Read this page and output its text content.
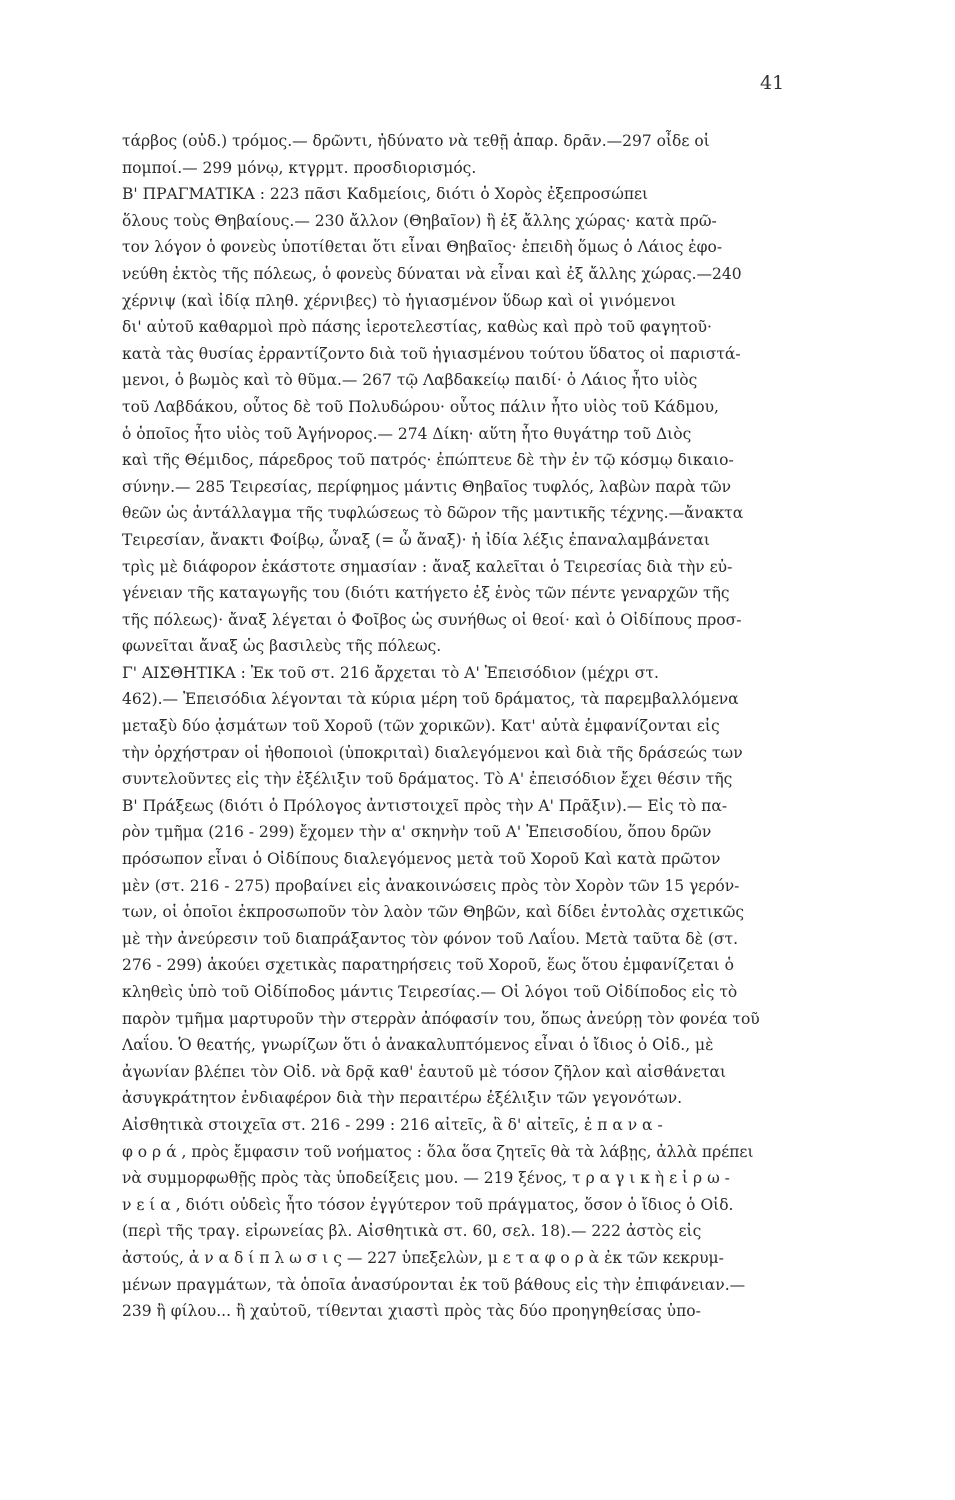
41
τάρβος (οὐδ.) τρόμος.— δρῶντι, ἠδύνατο νὰ τεθῇ ἀπαρ. δρᾶν.—297 οἶδε οἱ
πομποί.— 299 μόνῳ, κτγρμτ. προσδιορισμός.
Β' ΠΡΑΓΜΑΤΙΚΑ : 223 πᾶσι Καδμείοις, διότι ὁ Χορὸς ἐξεπροσώπει
ὅλους τοὺς Θηβαίους.— 230 ἄλλον (Θηβαῖον) ἢ ἐξ ἄλλης χώρας· κατὰ πρῶ-
τον λόγον ὁ φονεὺς ὑποτίθεται ὅτι εἶναι Θηβαῖος· ἐπειδὴ ὅμως ὁ Λάιος ἐφο-
νεύθη ἐκτὸς τῆς πόλεως, ὁ φονεὺς δύναται νὰ εἶναι καὶ ἐξ ἄλλης χώρας.—240
χέρνιψ (καὶ ἰδίᾳ πληθ. χέρνιβες) τὸ ἡγιασμένον ὕδωρ καὶ οἱ γινόμενοι
δι' αὐτοῦ καθαρμοὶ πρὸ πάσης ἱεροτελεστίας, καθὼς καὶ πρὸ τοῦ φαγητοῦ·
κατὰ τὰς θυσίας ἐρραντίζοντο διὰ τοῦ ἡγιασμένου τούτου ὕδατος οἱ παριστά-
μενοι, ὁ βωμὸς καὶ τὸ θῦμα.— 267 τῷ Λαβδακείῳ παιδί· ὁ Λάιος ἦτο υἱὸς
τοῦ Λαβδάκου, οὗτος δὲ τοῦ Πολυδώρου· οὗτος πάλιν ἦτο υἱὸς τοῦ Κάδμου,
ὁ ὁποῖος ἦτο υἱὸς τοῦ Ἀγήνορος.— 274 Δίκη· αὕτη ἦτο θυγάτηρ τοῦ Διὸς
καὶ τῆς Θέμιδος, πάρεδρος τοῦ πατρός· ἐπώπτευε δὲ τὴν ἐν τῷ κόσμῳ δικαιο-
σύνην.— 285 Τειρεσίας, περίφημος μάντις Θηβαῖος τυφλός, λαβὼν παρὰ τῶν
θεῶν ὡς ἀντάλλαγμα τῆς τυφλώσεως τὸ δῶρον τῆς μαντικῆς τέχνης.—ἄνακτα
Τειρεσίαν, ἄνακτι Φοίβῳ, ὦναξ (= ὦ ἄναξ)· ἡ ἰδία λέξις ἐπαναλαμβάνεται
τρὶς μὲ διάφορον ἑκάστοτε σημασίαν : ἄναξ καλεῖται ὁ Τειρεσίας διὰ τὴν εὐ-
γένειαν τῆς καταγωγῆς του (διότι κατήγετο ἐξ ἑνὸς τῶν πέντε γεναρχῶν τῆς
τῆς πόλεως)· ἄναξ λέγεται ὁ Φοῖβος ὡς συνήθως οἱ θεοί· καὶ ὁ Οἰδίπους προσ-
φωνεῖται ἄναξ ὡς βασιλεὺς τῆς πόλεως.
Γ' ΑΙΣΘΗΤΙΚΑ : Ἐκ τοῦ στ. 216 ἄρχεται τὸ Α' Ἐπεισόδιον (μέχρι στ.
462).— Ἐπεισόδια λέγονται τὰ κύρια μέρη τοῦ δράματος, τὰ παρεμβαλλόμενα
μεταξὺ δύο ᾀσμάτων τοῦ Χοροῦ (τῶν χορικῶν). Κατ' αὐτὰ ἐμφανίζονται εἰς
τὴν ὀρχήστραν οἱ ἠθοποιοὶ (ὑποκριταὶ) διαλεγόμενοι καὶ διὰ τῆς δράσεώς των
συντελοῦντες εἰς τὴν ἐξέλιξιν τοῦ δράματος. Τὸ Α' ἐπεισόδιον ἔχει θέσιν τῆς
Β' Πράξεως (διότι ὁ Πρόλογος ἀντιστοιχεῖ πρὸς τὴν Α' Πρᾶξιν).— Εἰς τὸ πα-
ρὸν τμῆμα (216 - 299) ἔχομεν τὴν α' σκηνὴν τοῦ Α' Ἐπεισοδίου, ὅπου δρῶν
πρόσωπον εἶναι ὁ Οἰδίπους διαλεγόμενος μετὰ τοῦ Χοροῦ Καὶ κατὰ πρῶτον
μὲν (στ. 216 - 275) προβαίνει εἰς ἀνακοινώσεις πρὸς τὸν Χορὸν τῶν 15 γερόν-
των, οἱ ὁποῖοι ἐκπροσωποῦν τὸν λαὸν τῶν Θηβῶν, καὶ δίδει ἐντολὰς σχετικῶς
μὲ τὴν ἀνεύρεσιν τοῦ διαπράξαντος τὸν φόνον τοῦ Λαΐου. Μετὰ ταῦτα δὲ (στ.
276 - 299) ἀκούει σχετικὰς παρατηρήσεις τοῦ Χοροῦ, ἕως ὅτου ἐμφανίζεται ὁ
κληθεὶς ὑπὸ τοῦ Οἰδίποδος μάντις Τειρεσίας.— Οἱ λόγοι τοῦ Οἰδίποδος εἰς τὸ
παρὸν τμῆμα μαρτυροῦν τὴν στερρὰν ἀπόφασίν του, ὅπως ἀνεύρῃ τὸν φονέα τοῦ
Λαΐου. Ὁ θεατής, γνωρίζων ὅτι ὁ ἀνακαλυπτόμενος εἶναι ὁ ἴδιος ὁ Οἰδ., μὲ
ἀγωνίαν βλέπει τὸν Οἰδ. νὰ δρᾷ καθ' ἑαυτοῦ μὲ τόσον ζῆλον καὶ αἰσθάνεται
ἀσυγκράτητον ἐνδιαφέρον διὰ τὴν περαιτέρω ἐξέλιξιν τῶν γεγονότων.
Αἰσθητικὰ στοιχεῖα στ. 216 - 299 : 216 αἰτεῖς, ἃ δ' αἰτεῖς, ἐ π α ν α -
φ ο ρ ά , πρὸς ἔμφασιν τοῦ νοήματος : ὅλα ὅσα ζητεῖς θὰ τὰ λάβῃς, ἀλλὰ πρέπει
νὰ συμμορφωθῇς πρὸς τὰς ὑποδείξεις μου. — 219 ξένος, τ ρ α γ ι κ ὴ ε ἰ ρ ω -
ν ε ί α , διότι οὐδεὶς ἦτο τόσον ἐγγύτερον τοῦ πράγματος, ὅσον ὁ ἴδιος ὁ Οἰδ.
(περὶ τῆς τραγ. εἰρωνείας βλ. Αἰσθητικὰ στ. 60, σελ. 18).— 222 ἀστὸς εἰς
ἀστούς, ἀ ν α δ ί π λ ω σ ι ς — 227 ὑπεξελὼν, μ ε τ α φ ο ρ ὰ ἐκ τῶν κεκρυμ-
μένων πραγμάτων, τὰ ὁποῖα ἀνασύρονται ἐκ τοῦ βάθους εἰς τὴν ἐπιφάνειαν.—
239 ἢ φίλου... ἢ χαὐτοῦ, τίθενται χιαστὶ πρὸς τὰς δύο προηγηθείσας ὑπο-
